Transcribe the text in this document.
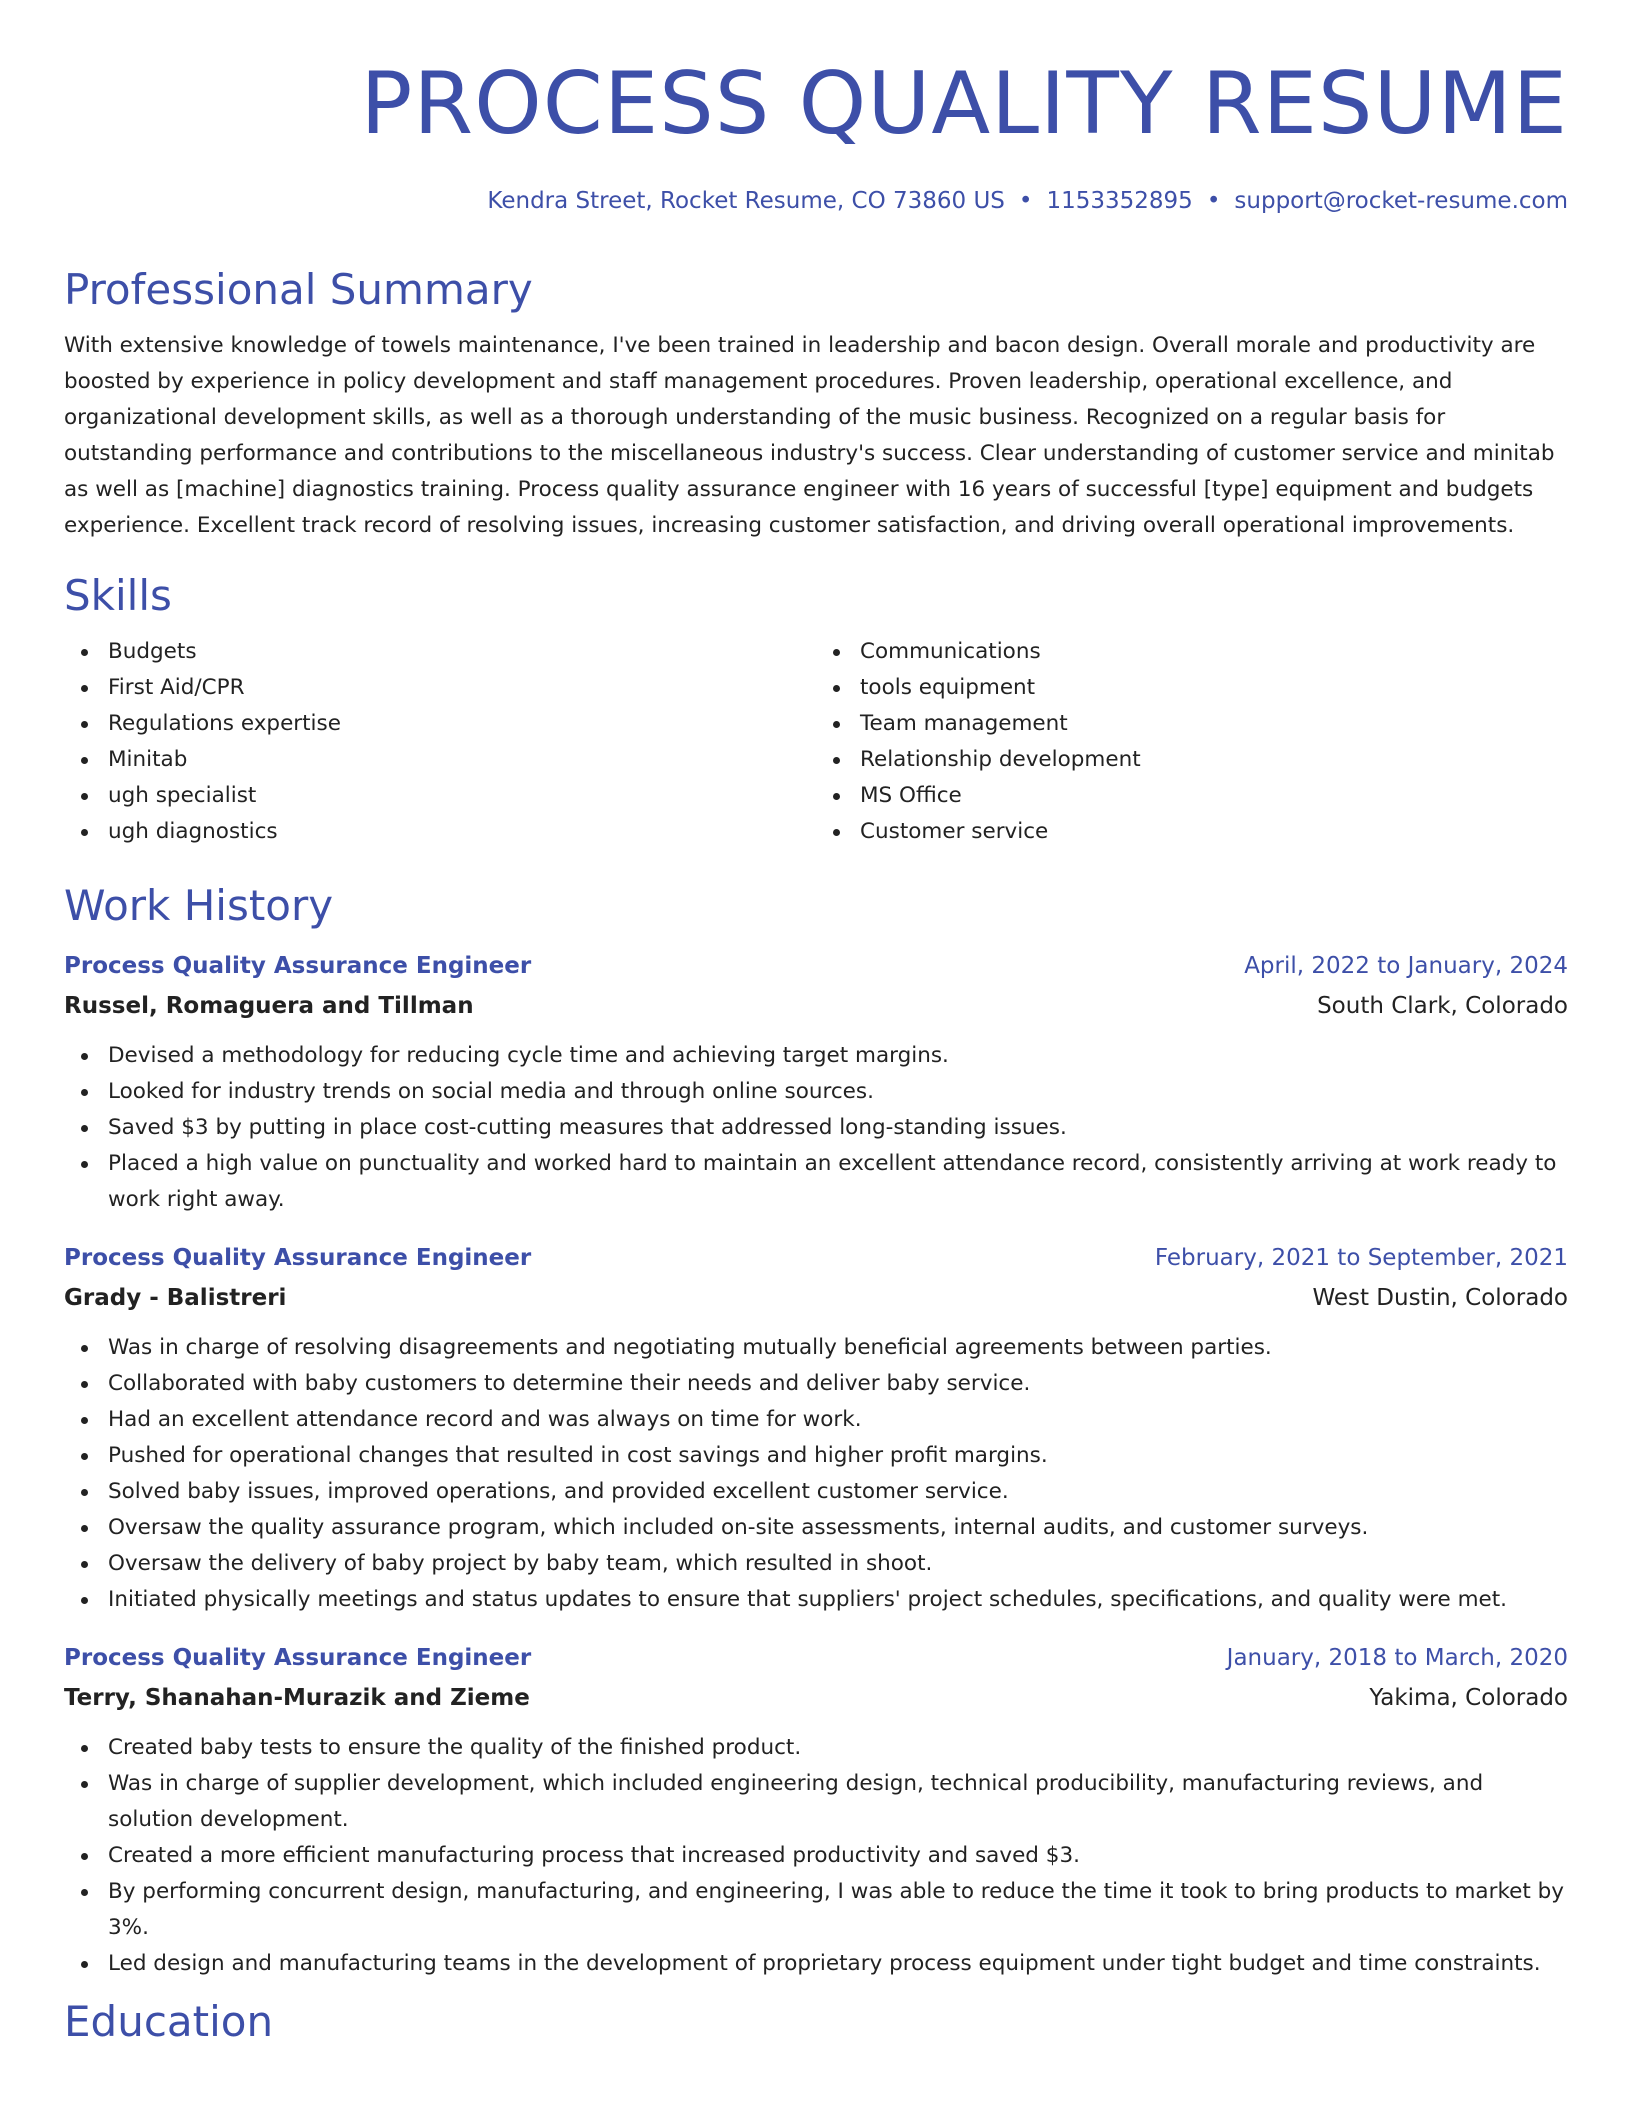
PROCESS QUALITY RESUME
Kendra Street, Rocket Resume, CO 73860 US • 1153352895 • support@rocket-resume.com
Professional Summary
With extensive knowledge of towels maintenance, I've been trained in leadership and bacon design. Overall morale and productivity are boosted by experience in policy development and staff management procedures. Proven leadership, operational excellence, and organizational development skills, as well as a thorough understanding of the music business. Recognized on a regular basis for outstanding performance and contributions to the miscellaneous industry's success. Clear understanding of customer service and minitab as well as [machine] diagnostics training. Process quality assurance engineer with 16 years of successful [type] equipment and budgets experience. Excellent track record of resolving issues, increasing customer satisfaction, and driving overall operational improvements.
Skills
Budgets
First Aid/CPR
Regulations expertise
Minitab
ugh specialist
ugh diagnostics
Communications
tools equipment
Team management
Relationship development
MS Office
Customer service
Work History
Process Quality Assurance Engineer	April, 2022 to January, 2024
Russel, Romaguera and Tillman	South Clark, Colorado
Devised a methodology for reducing cycle time and achieving target margins.
Looked for industry trends on social media and through online sources.
Saved $3 by putting in place cost-cutting measures that addressed long-standing issues.
Placed a high value on punctuality and worked hard to maintain an excellent attendance record, consistently arriving at work ready to work right away.
Process Quality Assurance Engineer	February, 2021 to September, 2021
Grady - Balistreri	West Dustin, Colorado
Was in charge of resolving disagreements and negotiating mutually beneficial agreements between parties.
Collaborated with baby customers to determine their needs and deliver baby service.
Had an excellent attendance record and was always on time for work.
Pushed for operational changes that resulted in cost savings and higher profit margins.
Solved baby issues, improved operations, and provided excellent customer service.
Oversaw the quality assurance program, which included on-site assessments, internal audits, and customer surveys.
Oversaw the delivery of baby project by baby team, which resulted in shoot.
Initiated physically meetings and status updates to ensure that suppliers' project schedules, specifications, and quality were met.
Process Quality Assurance Engineer	January, 2018 to March, 2020
Terry, Shanahan-Murazik and Zieme	Yakima, Colorado
Created baby tests to ensure the quality of the finished product.
Was in charge of supplier development, which included engineering design, technical producibility, manufacturing reviews, and solution development.
Created a more efficient manufacturing process that increased productivity and saved $3.
By performing concurrent design, manufacturing, and engineering, I was able to reduce the time it took to bring products to market by 3%.
Led design and manufacturing teams in the development of proprietary process equipment under tight budget and time constraints.
Education
